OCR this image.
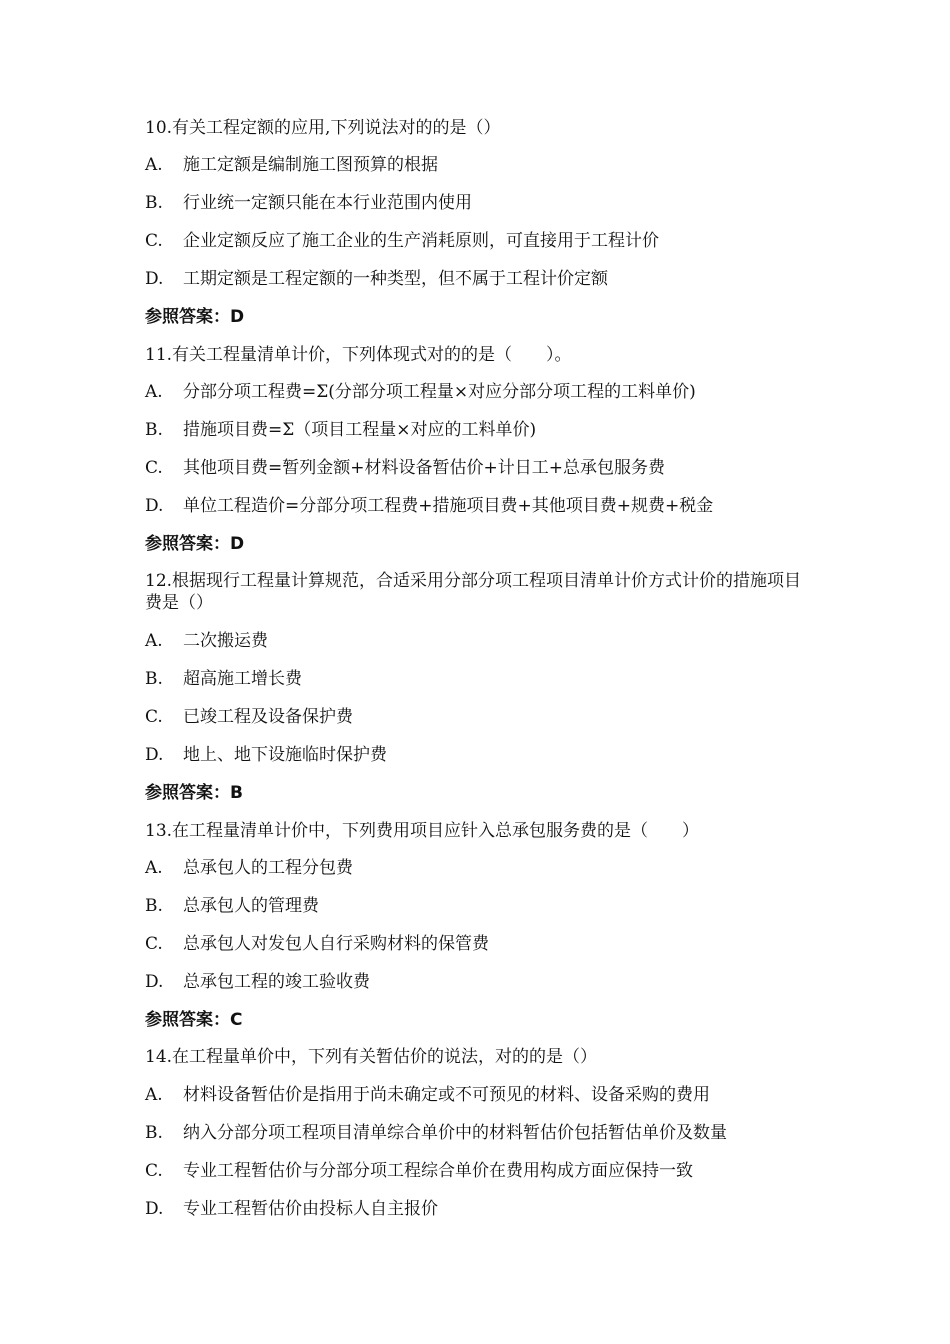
10.有关工程定额的应用,下列说法对的的是（）
A.	施工定额是编制施工图预算的根据
B.	行业统一定额只能在本行业范围内使用
C.	企业定额反应了施工企业的生产消耗原则，可直接用于工程计价
D.	工期定额是工程定额的一种类型，但不属于工程计价定额
参照答案：D
11.有关工程量清单计价，下列体现式对的的是（　　）。
A.	分部分项工程费=Σ(分部分项工程量×对应分部分项工程的工料单价)
B.	措施项目费=Σ（项目工程量×对应的工料单价)
C.	其他项目费=暂列金额+材料设备暂估价+计日工+总承包服务费
D.	单位工程造价=分部分项工程费+措施项目费+其他项目费+规费+税金
参照答案：D
12.根据现行工程量计算规范，合适采用分部分项工程项目清单计价方式计价的措施项目费是（）
A.	二次搬运费
B.	超高施工增长费
C.	已竣工程及设备保护费
D.	地上、地下设施临时保护费
参照答案：B
13.在工程量清单计价中，下列费用项目应针入总承包服务费的是（　　）
A.	总承包人的工程分包费
B.	总承包人的管理费
C.	总承包人对发包人自行采购材料的保管费
D.	总承包工程的竣工验收费
参照答案：C
14.在工程量单价中，下列有关暂估价的说法，对的的是（）
A.	材料设备暂估价是指用于尚未确定或不可预见的材料、设备采购的费用
B.	纳入分部分项工程项目清单综合单价中的材料暂估价包括暂估单价及数量
C.	专业工程暂估价与分部分项工程综合单价在费用构成方面应保持一致
D.	专业工程暂估价由投标人自主报价
